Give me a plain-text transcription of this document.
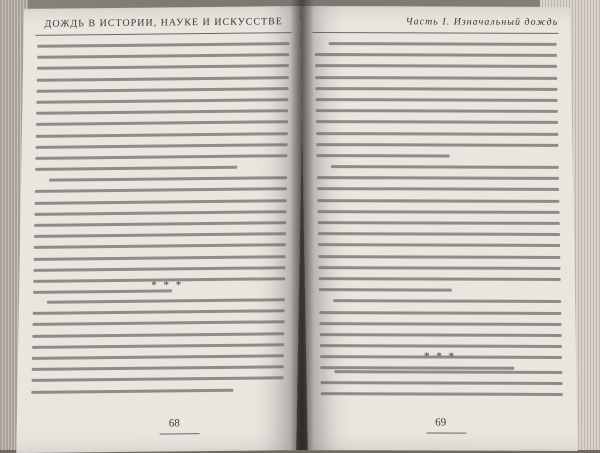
ДОЖДЬ В ИСТОРИИ, НАУКЕ И ИСКУССТВЕ
* * *
68
Часть I. Изначальный дождь
* * *
69
